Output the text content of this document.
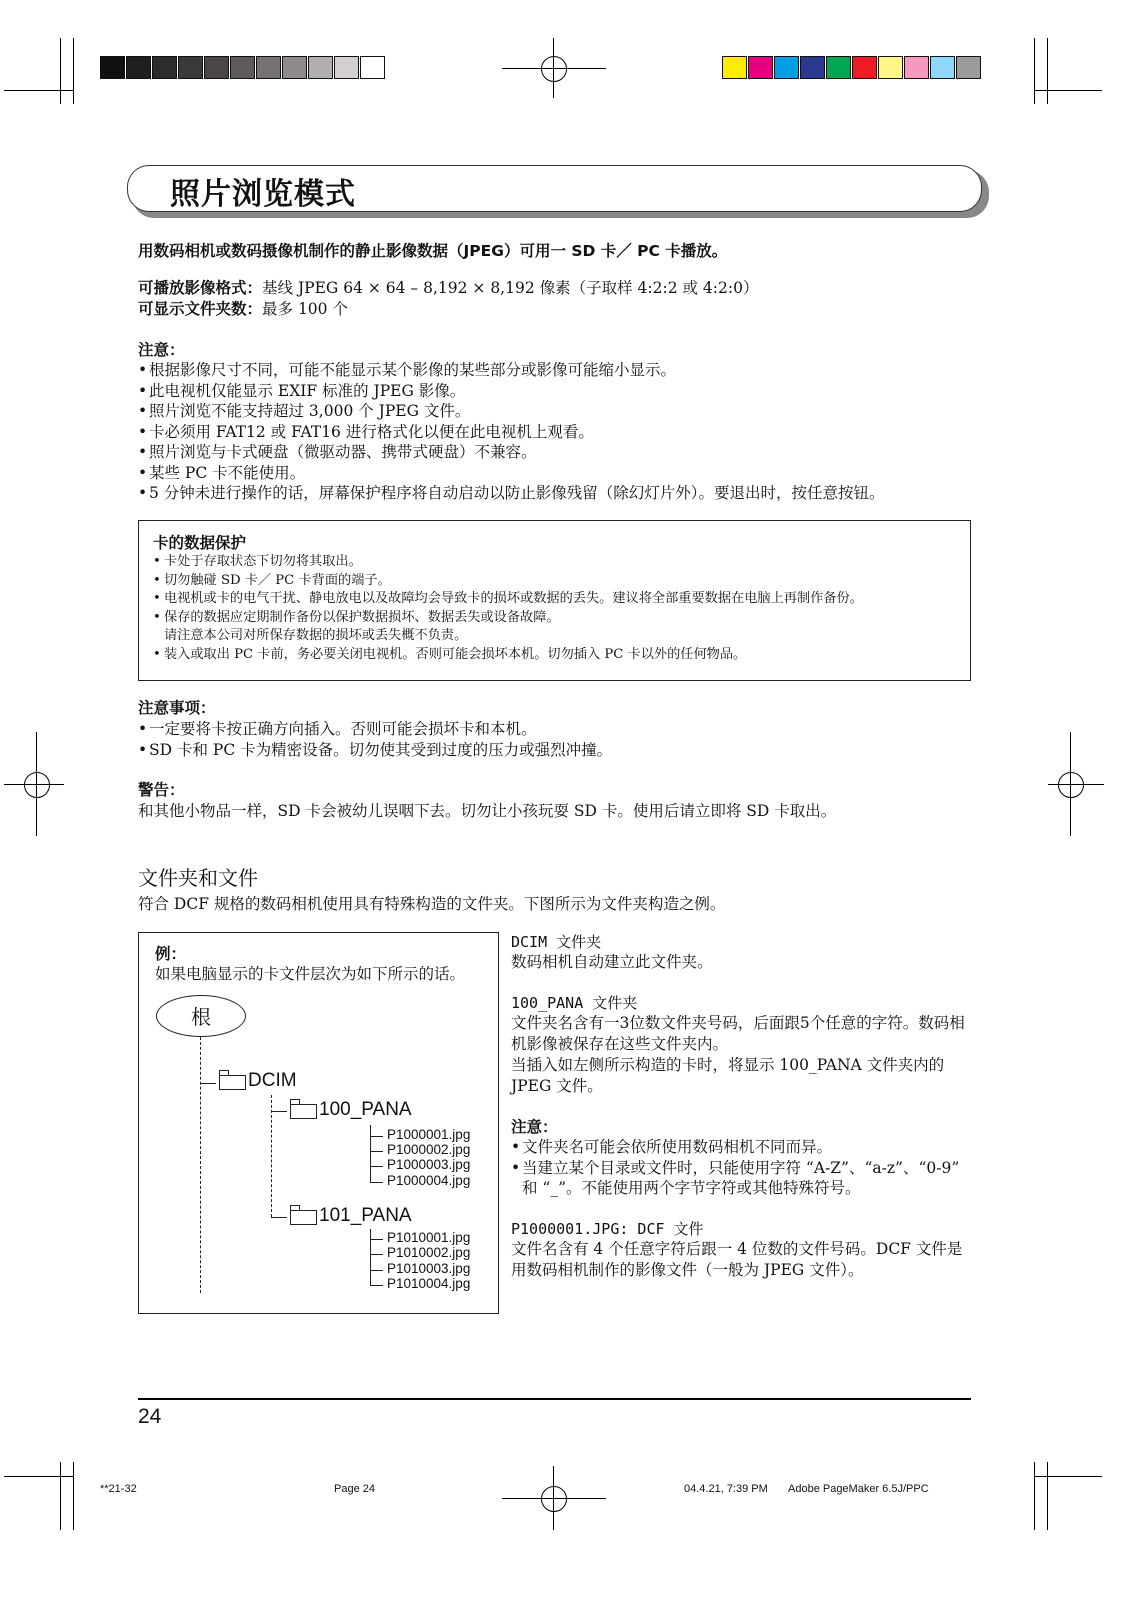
照片浏览模式
用数码相机或数码摄像机制作的静止影像数据（JPEG）可用一 SD 卡／ PC 卡播放。
可播放影像格式：基线 JPEG 64 × 64 – 8,192 × 8,192 像素（子取样 4:2:2 或 4:2:0）
可显示文件夹数：最多 100 个
注意：
• 根据影像尺寸不同，可能不能显示某个影像的某些部分或影像可能缩小显示。
• 此电视机仅能显示 EXIF 标准的 JPEG 影像。
• 照片浏览不能支持超过 3,000 个 JPEG 文件。
• 卡必须用 FAT12 或 FAT16 进行格式化以便在此电视机上观看。
• 照片浏览与卡式硬盘（微驱动器、携带式硬盘）不兼容。
• 某些 PC 卡不能使用。
• 5 分钟未进行操作的话，屏幕保护程序将自动启动以防止影像残留（除幻灯片外）。要退出时，按任意按钮。
卡的数据保护
• 卡处于存取状态下切勿将其取出。
• 切勿触碰 SD 卡／ PC 卡背面的端子。
• 电视机或卡的电气干扰、静电放电以及故障均会导致卡的损坏或数据的丢失。建议将全部重要数据在电脑上再制作备份。
• 保存的数据应定期制作备份以保护数据损坏、数据丢失或设备故障。
请注意本公司对所保存数据的损坏或丢失概不负责。
• 装入或取出 PC 卡前，务必要关闭电视机。否则可能会损坏本机。切勿插入 PC 卡以外的任何物品。
注意事项：
• 一定要将卡按正确方向插入。否则可能会损坏卡和本机。
• SD 卡和 PC 卡为精密设备。切勿使其受到过度的压力或强烈冲撞。
警告：
和其他小物品一样，SD 卡会被幼儿误咽下去。切勿让小孩玩耍 SD 卡。使用后请立即将 SD 卡取出。
文件夹和文件
符合 DCF 规格的数码相机使用具有特殊构造的文件夹。下图所示为文件夹构造之例。
例：
如果电脑显示的卡文件层次为如下所示的话。
根
DCIM
100_PANA
P1000001.jpg
P1000002.jpg
P1000003.jpg
P1000004.jpg
101_PANA
P1010001.jpg
P1010002.jpg
P1010003.jpg
P1010004.jpg
DCIM 文件夹
数码相机自动建立此文件夹。
100_PANA 文件夹
文件夹名含有一3位数文件夹号码，后面跟5个任意的字符。数码相机影像被保存在这些文件夹内。
当插入如左侧所示构造的卡时，将显示 100_PANA 文件夹内的 JPEG 文件。
注意：
• 文件夹名可能会依所使用数码相机不同而异。
• 当建立某个目录或文件时，只能使用字符 “A-Z”、“a-z”、“0-9” 和 “_”。不能使用两个字节字符或其他特殊符号。
P1000001.JPG: DCF 文件
文件名含有 4 个任意字符后跟一 4 位数的文件号码。DCF 文件是用数码相机制作的影像文件（一般为 JPEG 文件）。
24
**21-32	Page 24	04.4.21, 7:39 PM Adobe PageMaker 6.5J/PPC
